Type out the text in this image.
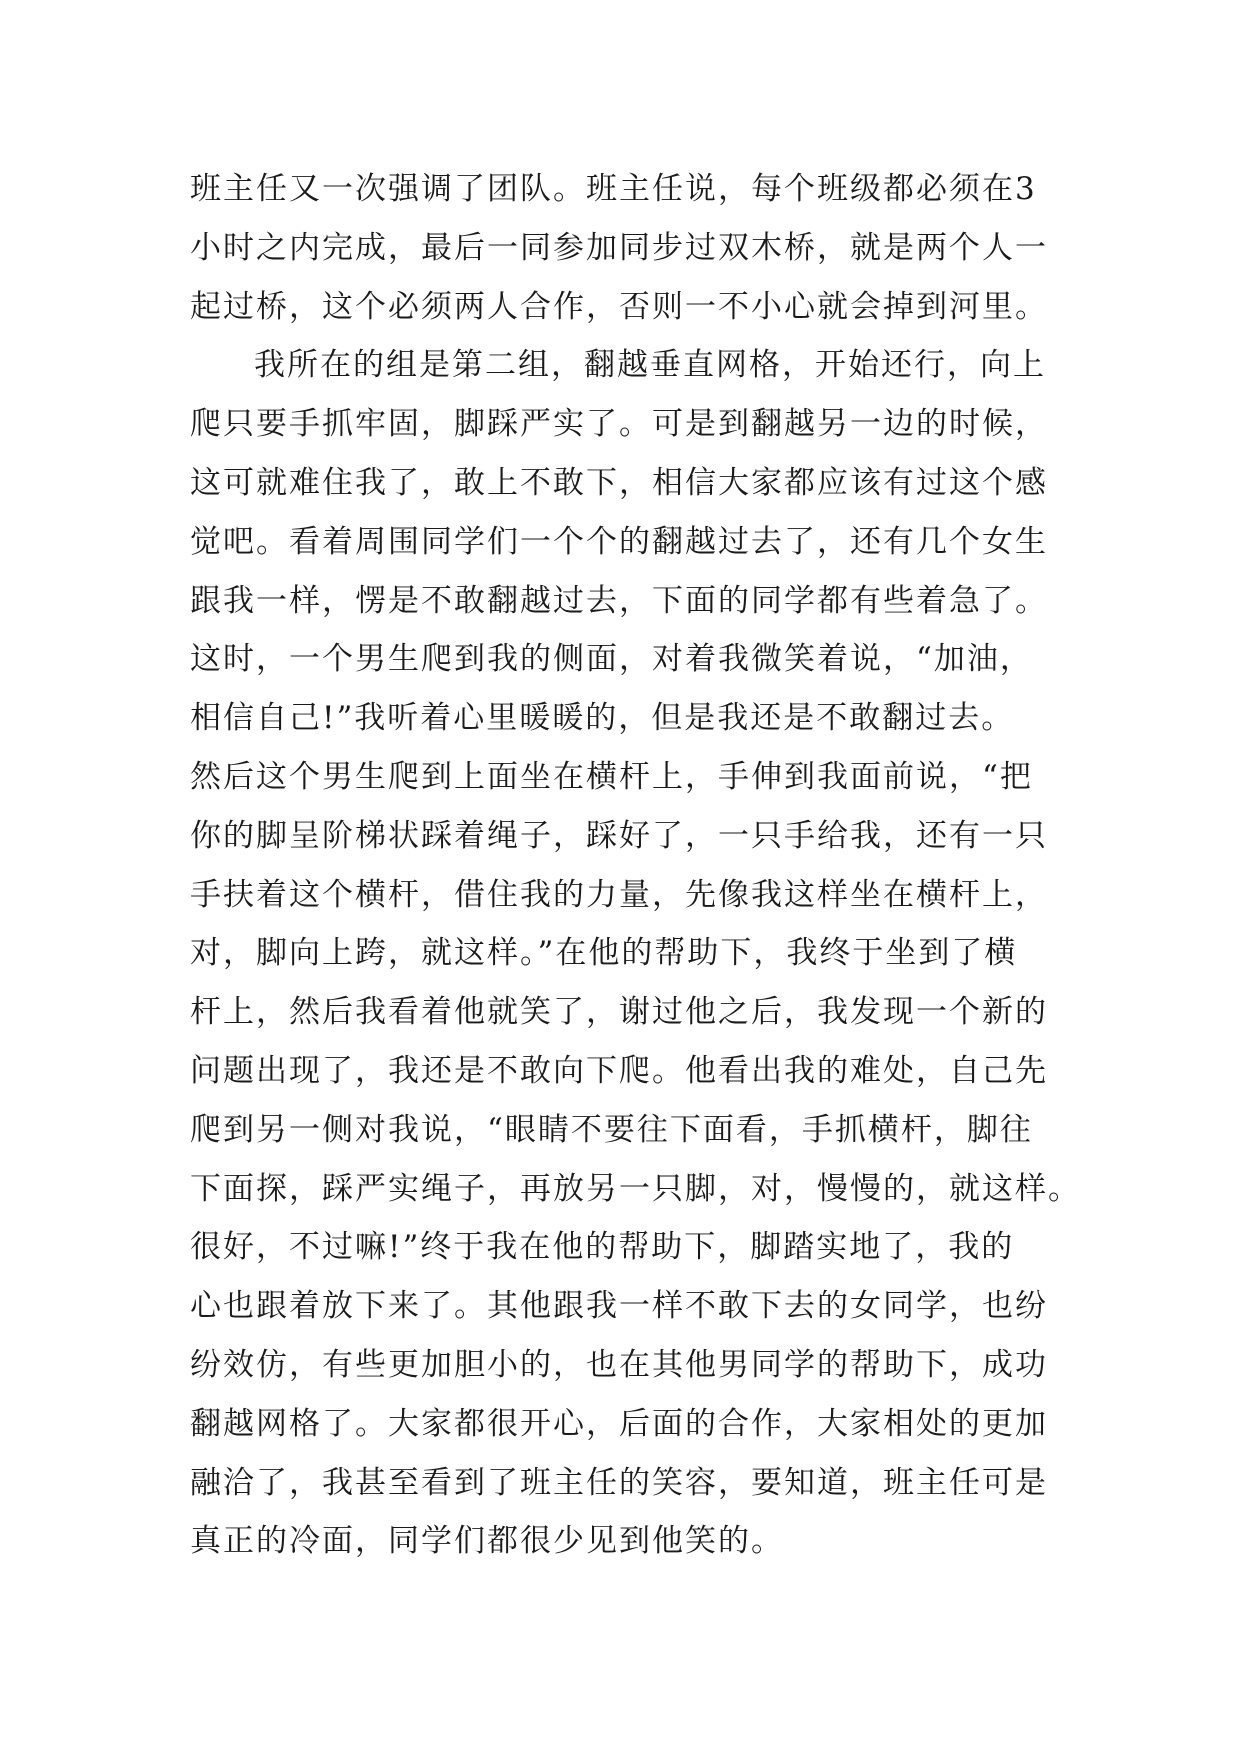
班主任又一次强调了团队。班主任说，每个班级都必须在3
小时之内完成，最后一同参加同步过双木桥，就是两个人一
起过桥，这个必须两人合作，否则一不小心就会掉到河里。
我所在的组是第二组，翻越垂直网格，开始还行，向上
爬只要手抓牢固，脚踩严实了。可是到翻越另一边的时候，
这可就难住我了，敢上不敢下，相信大家都应该有过这个感
觉吧。看着周围同学们一个个的翻越过去了，还有几个女生
跟我一样，愣是不敢翻越过去，下面的同学都有些着急了。
这时，一个男生爬到我的侧面，对着我微笑着说，“加油，
相信自己!”我听着心里暖暖的，但是我还是不敢翻过去。
然后这个男生爬到上面坐在横杆上，手伸到我面前说，“把
你的脚呈阶梯状踩着绳子，踩好了，一只手给我，还有一只
手扶着这个横杆，借住我的力量，先像我这样坐在横杆上，
对，脚向上跨，就这样。”在他的帮助下，我终于坐到了横
杆上，然后我看着他就笑了，谢过他之后，我发现一个新的
问题出现了，我还是不敢向下爬。他看出我的难处，自己先
爬到另一侧对我说，“眼睛不要往下面看，手抓横杆，脚往
下面探，踩严实绳子，再放另一只脚，对，慢慢的，就这样。
很好，不过嘛!”终于我在他的帮助下，脚踏实地了，我的
心也跟着放下来了。其他跟我一样不敢下去的女同学，也纷
纷效仿，有些更加胆小的，也在其他男同学的帮助下，成功
翻越网格了。大家都很开心，后面的合作，大家相处的更加
融洽了，我甚至看到了班主任的笑容，要知道，班主任可是
真正的冷面，同学们都很少见到他笑的。
